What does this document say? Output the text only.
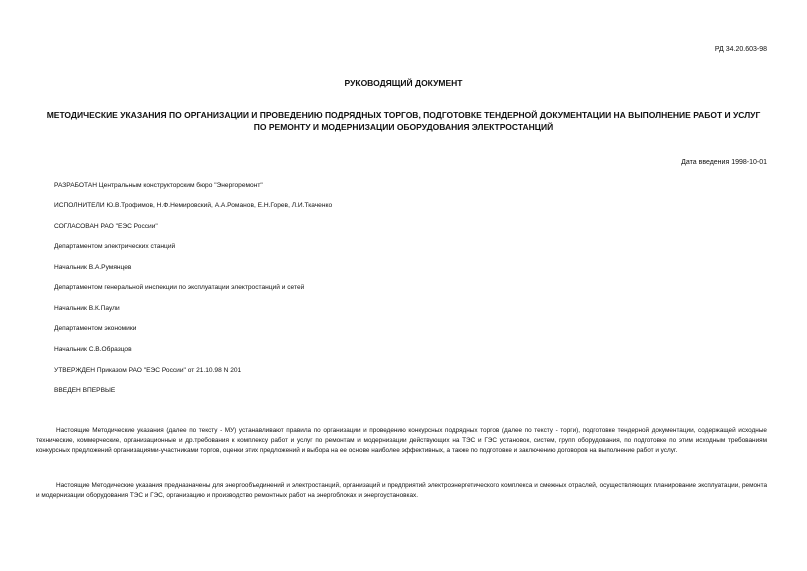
РД 34.20.603-98
РУКОВОДЯЩИЙ ДОКУМЕНТ
МЕТОДИЧЕСКИЕ УКАЗАНИЯ ПО ОРГАНИЗАЦИИ И ПРОВЕДЕНИЮ ПОДРЯДНЫХ ТОРГОВ, ПОДГОТОВКЕ ТЕНДЕРНОЙ ДОКУМЕНТАЦИИ НА ВЫПОЛНЕНИЕ РАБОТ И УСЛУГ ПО РЕМОНТУ И МОДЕРНИЗАЦИИ ОБОРУДОВАНИЯ ЭЛЕКТРОСТАНЦИЙ
Дата введения 1998-10-01
РАЗРАБОТАН Центральным конструкторским бюро "Энергоремонт"
ИСПОЛНИТЕЛИ Ю.В.Трофимов, Н.Ф.Немировский, А.А.Романов, Е.Н.Горев, Л.И.Ткаченко
СОГЛАСОВАН РАО "ЕЭС России"
Департаментом электрических станций
Начальник В.А.Румянцев
Департаментом генеральной инспекции по эксплуатации электростанций и сетей
Начальник В.К.Паули
Департаментом экономики
Начальник С.В.Образцов
УТВЕРЖДЕН Приказом РАО "ЕЭС России" от 21.10.98 N 201
ВВЕДЕН ВПЕРВЫЕ

Настоящие Методические указания (далее по тексту - МУ) устанавливают правила по организации и проведению конкурсных подрядных торгов (далее по тексту - торги), подготовке тендерной документации, содержащей исходные технические, коммерческие, организационные и др.требования к комплексу работ и услуг по ремонтам и модернизации действующих на ТЭС и ГЭС установок, систем, групп оборудования, по подготовке по этим исходным требованиям конкурсных предложений организациями-участниками торгов, оценки этих предложений и выбора на ее основе наиболее эффективных, а также по подготовке и заключению договоров на выполнение работ и услуг.

Настоящие Методические указания предназначены для энергообъединений и электростанций, организаций и предприятий электроэнергетического комплекса и смежных отраслей, осуществляющих планирование эксплуатации, ремонта и модернизации оборудования ТЭС и ГЭС, организацию и производство ремонтных работ на энергоблоках и энергоустановках.
